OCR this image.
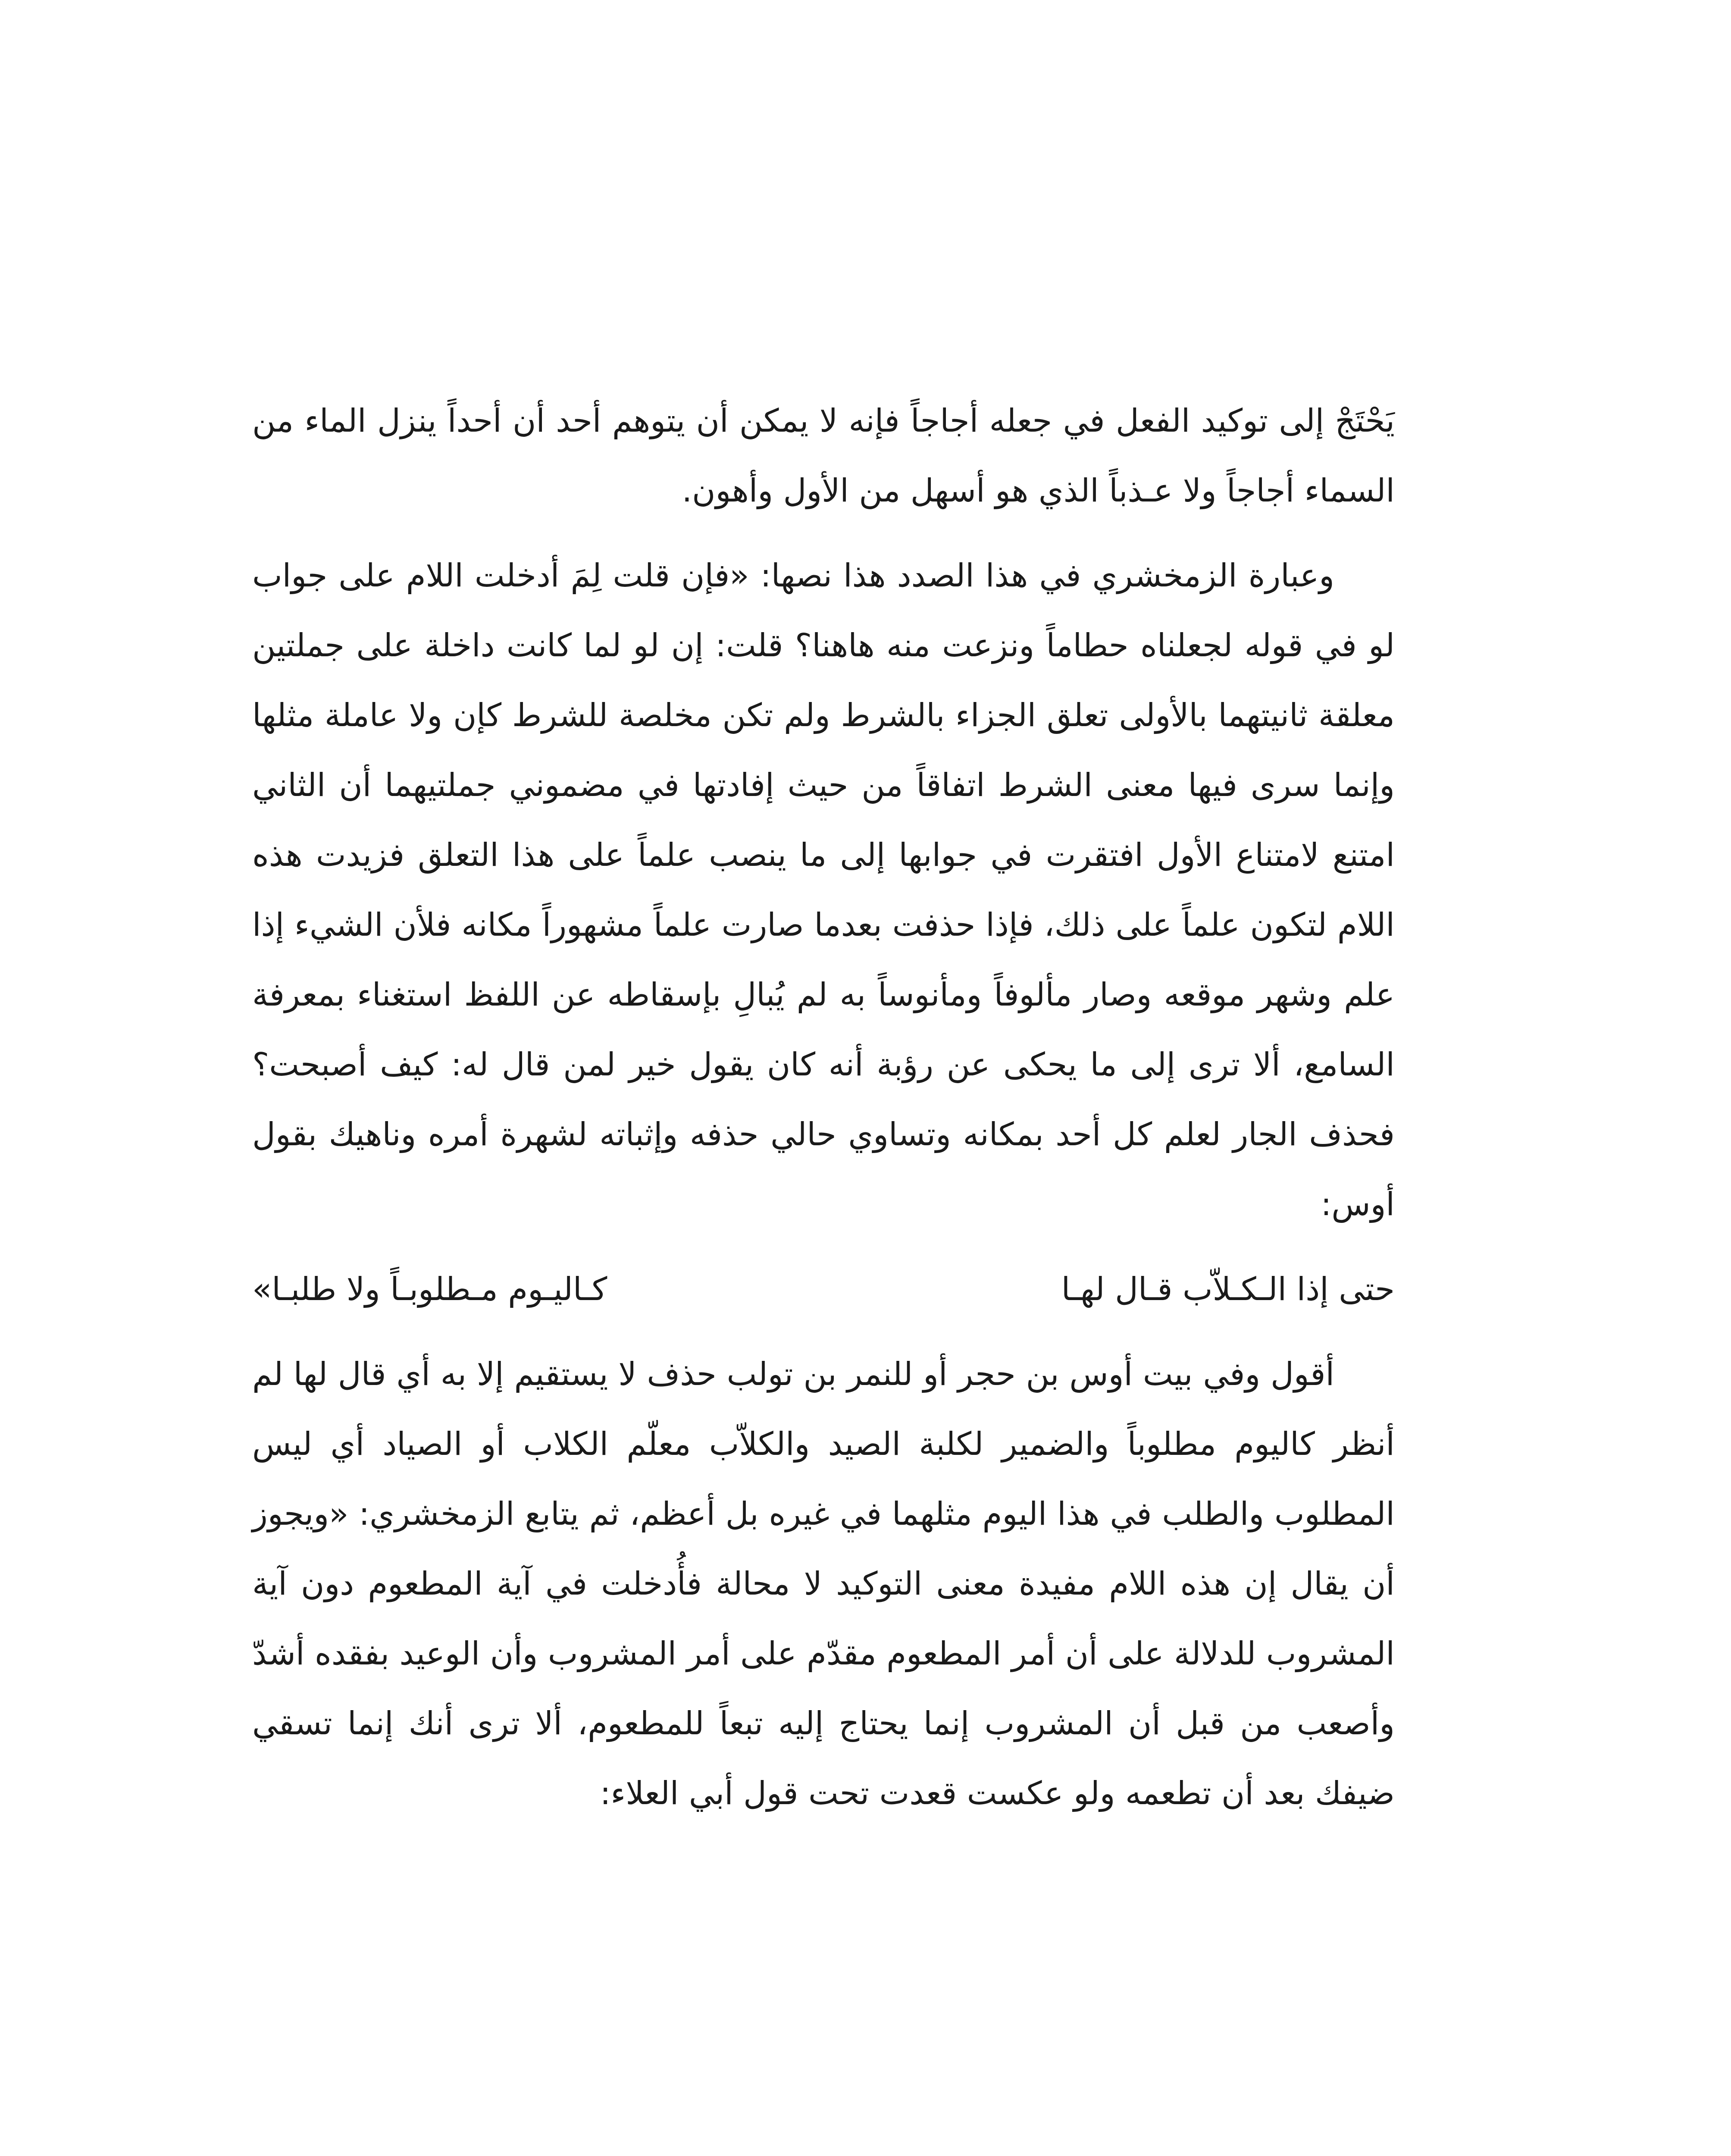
يَحْتَجْ إلى توكيد الفعل في جعله أجاجاً فإنه لا يمكن أن يتوهم أحد أن أحداً ينزل الماء من السماء أجاجاً ولا عـذباً الذي هو أسهل من الأول وأهون.

وعبارة الزمخشري في هذا الصدد هذا نصها: «فإن قلت لِمَ أدخلت اللام على جواب لو في قوله لجعلناه حطاماً ونزعت منه هاهنا؟ قلت: إن لو لما كانت داخلة على جملتين معلقة ثانيتهما بالأولى تعلق الجزاء بالشرط ولم تكن مخلصة للشرط كإن ولا عاملة مثلها وإنما سرى فيها معنى الشرط اتفاقاً من حيث إفادتها في مضموني جملتيهما أن الثاني امتنع لامتناع الأول افتقرت في جوابها إلى ما ينصب علماً على هذا التعلق فزيدت هذه اللام لتكون علماً على ذلك، فإذا حذفت بعدما صارت علماً مشهوراً مكانه فلأن الشيء إذا علم وشهر موقعه وصار مألوفاً ومأنوساً به لم يُبالِ بإسقاطه عن اللفظ استغناء بمعرفة السامع، ألا ترى إلى ما يحكى عن رؤبة أنه كان يقول خير لمن قال له: كيف أصبحت؟ فحذف الجار لعلم كل أحد بمكانه وتساوي حالي حذفه وإثباته لشهرة أمره وناهيك بقول أوس:

حتى إذا الـكـلاّب قـال لهـا
كـاليـوم مـطلوبـاً ولا طلبـا»

أقول وفي بيت أوس بن حجر أو للنمر بن تولب حذف لا يستقيم إلا به أي قال لها لم أنظر كاليوم مطلوباً والضمير لكلبة الصيد والكلاّب معلّم الكلاب أو الصياد أي ليس المطلوب والطلب في هذا اليوم مثلهما في غيره بل أعظم، ثم يتابع الزمخشري: «ويجوز أن يقال إن هذه اللام مفيدة معنى التوكيد لا محالة فأُدخلت في آية المطعوم دون آية المشروب للدلالة على أن أمر المطعوم مقدّم على أمر المشروب وأن الوعيد بفقده أشدّ وأصعب من قبل أن المشروب إنما يحتاج إليه تبعاً للمطعوم، ألا ترى أنك إنما تسقي ضيفك بعد أن تطعمه ولو عكست قعدت تحت قول أبي العلاء:
